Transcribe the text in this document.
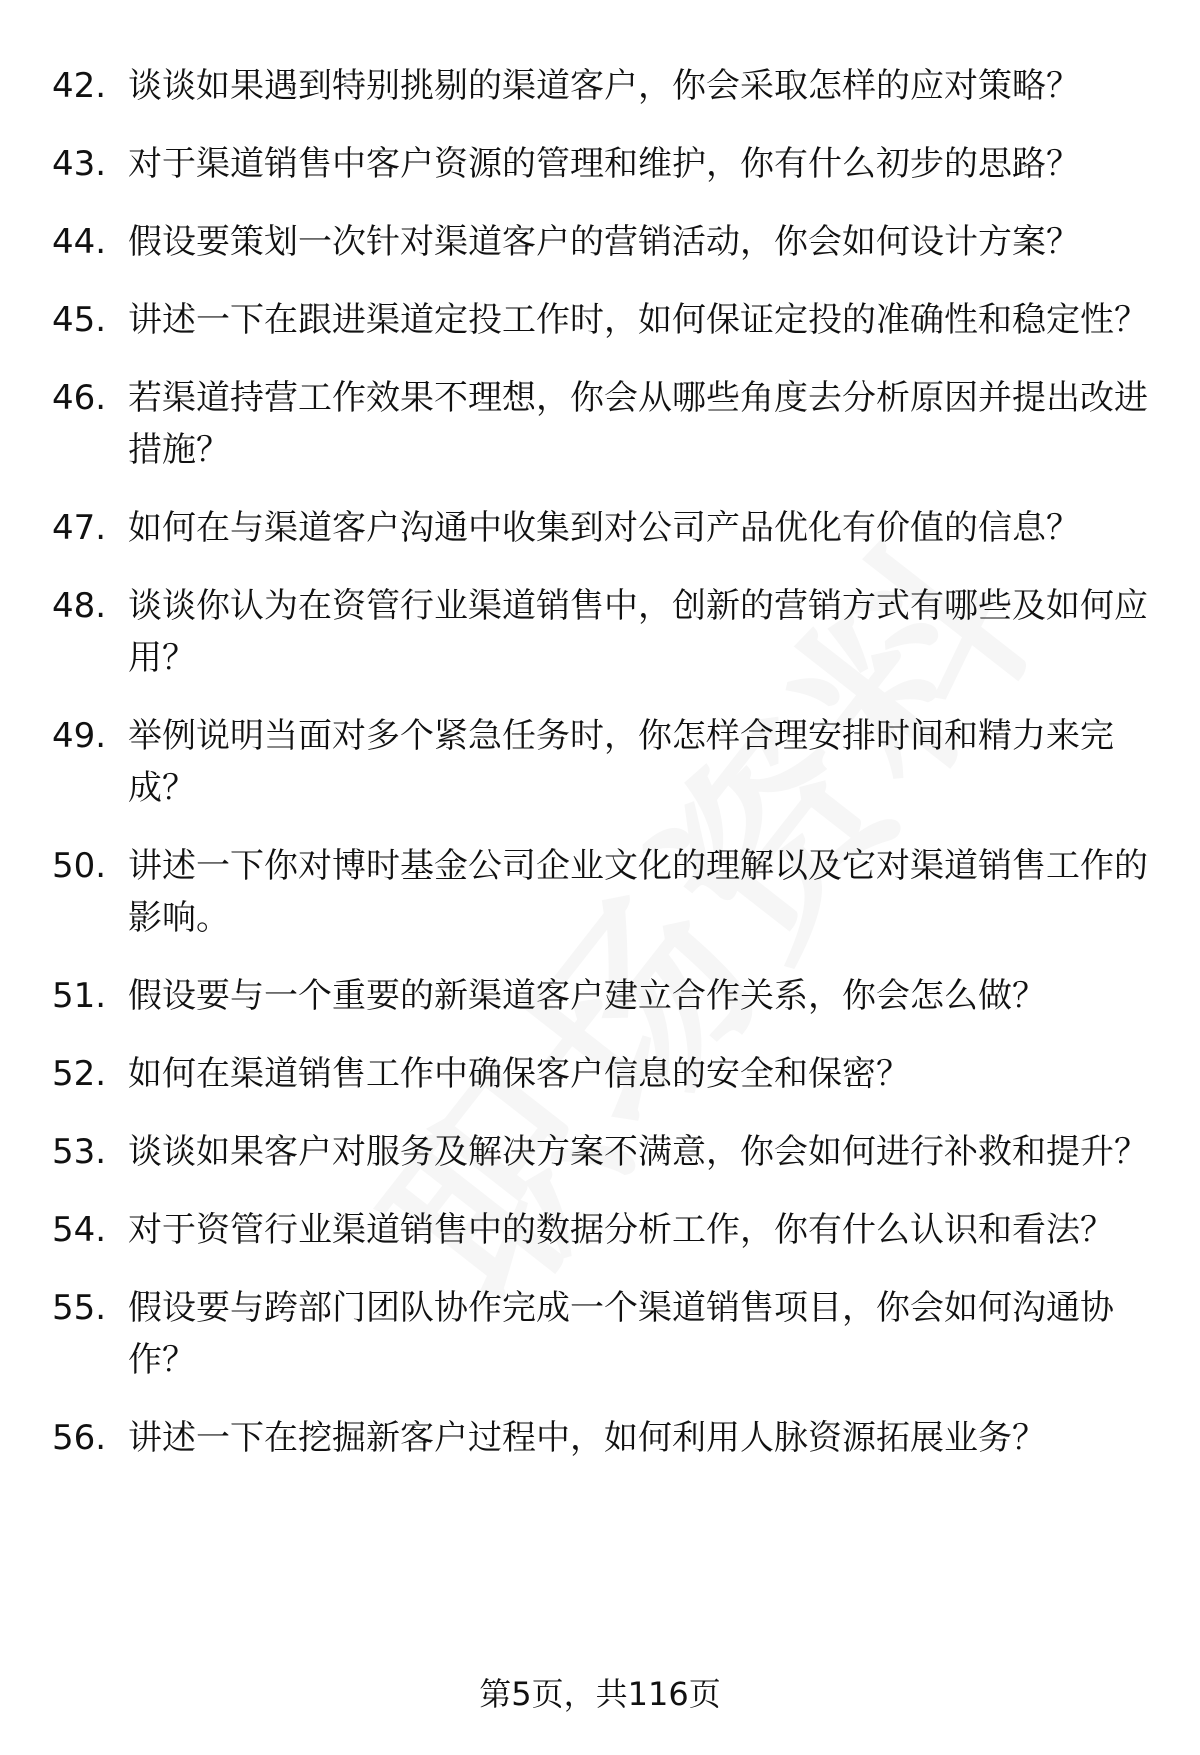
42. 谈谈如果遇到特别挑剔的渠道客户，你会采取怎样的应对策略？
43. 对于渠道销售中客户资源的管理和维护，你有什么初步的思路？
44. 假设要策划一次针对渠道客户的营销活动，你会如何设计方案？
45. 讲述一下在跟进渠道定投工作时，如何保证定投的准确性和稳定性？
46. 若渠道持营工作效果不理想，你会从哪些角度去分析原因并提出改进措施？
47. 如何在与渠道客户沟通中收集到对公司产品优化有价值的信息？
48. 谈谈你认为在资管行业渠道销售中，创新的营销方式有哪些及如何应用？
49. 举例说明当面对多个紧急任务时，你怎样合理安排时间和精力来完成？
50. 讲述一下你对博时基金公司企业文化的理解以及它对渠道销售工作的影响。
51. 假设要与一个重要的新渠道客户建立合作关系，你会怎么做？
52. 如何在渠道销售工作中确保客户信息的安全和保密？
53. 谈谈如果客户对服务及解决方案不满意，你会如何进行补救和提升？
54. 对于资管行业渠道销售中的数据分析工作，你有什么认识和看法？
55. 假设要与跨部门团队协作完成一个渠道销售项目，你会如何沟通协作？
56. 讲述一下在挖掘新客户过程中，如何利用人脉资源拓展业务？
第5页，共116页
